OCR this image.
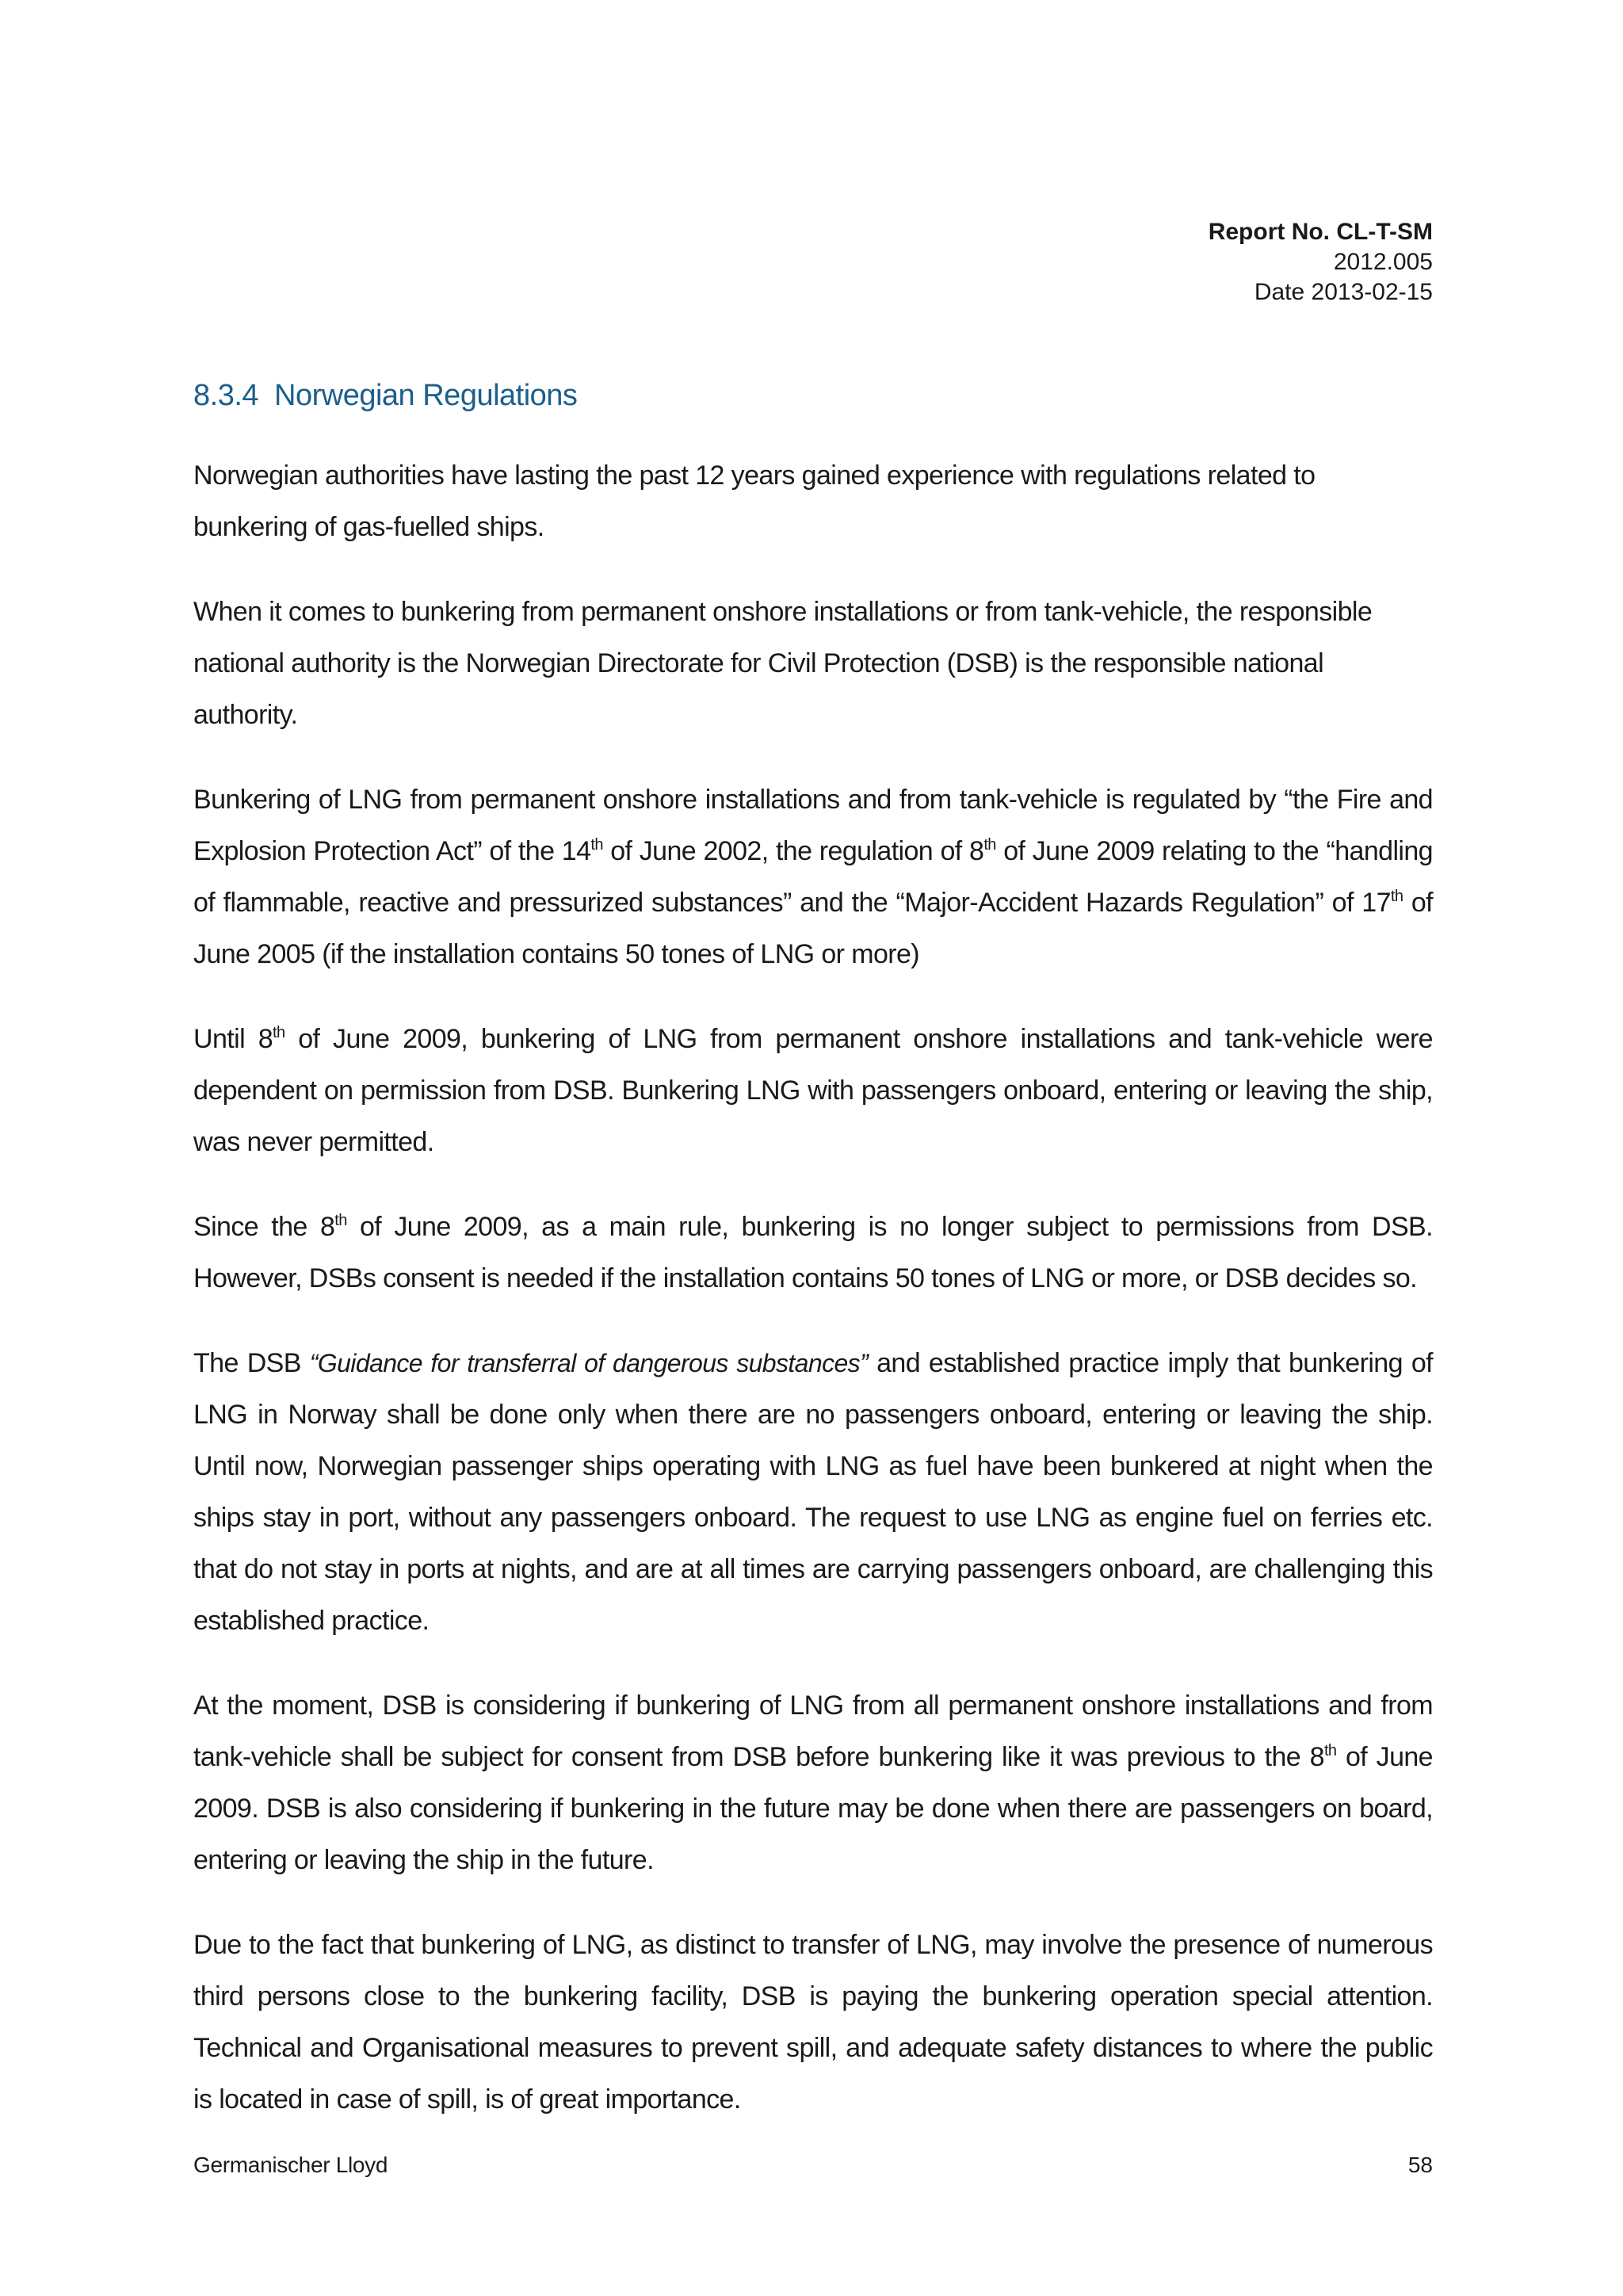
Report No. CL-T-SM
2012.005
Date 2013-02-15
8.3.4 Norwegian Regulations

Norwegian authorities have lasting the past 12 years gained experience with regulations related to bunkering of gas-fuelled ships.

When it comes to bunkering from permanent onshore installations or from tank-vehicle, the responsible national authority is the Norwegian Directorate for Civil Protection (DSB) is the responsible national authority.

Bunkering of LNG from permanent onshore installations and from tank-vehicle is regulated by “the Fire and Explosion Protection Act” of the 14th of June 2002, the regulation of 8th of June 2009 relating to the “handling of flammable, reactive and pressurized substances” and the “Major-Accident Hazards Regulation” of 17th of June 2005 (if the installation contains 50 tones of LNG or more)

Until 8th of June 2009, bunkering of LNG from permanent onshore installations and tank-vehicle were dependent on permission from DSB. Bunkering LNG with passengers onboard, entering or leaving the ship, was never permitted.

Since the 8th of June 2009, as a main rule, bunkering is no longer subject to permissions from DSB. However, DSBs consent is needed if the installation contains 50 tones of LNG or more, or DSB decides so.

The DSB “Guidance for transferral of dangerous substances” and established practice imply that bunkering of LNG in Norway shall be done only when there are no passengers onboard, entering or leaving the ship. Until now, Norwegian passenger ships operating with LNG as fuel have been bunkered at night when the ships stay in port, without any passengers onboard. The request to use LNG as engine fuel on ferries etc. that do not stay in ports at nights, and are at all times are carrying passengers onboard, are challenging this established practice.

At the moment, DSB is considering if bunkering of LNG from all permanent onshore installations and from tank-vehicle shall be subject for consent from DSB before bunkering like it was previous to the 8th of June 2009. DSB is also considering if bunkering in the future may be done when there are passengers on board, entering or leaving the ship in the future.

Due to the fact that bunkering of LNG, as distinct to transfer of LNG, may involve the presence of numerous third persons close to the bunkering facility, DSB is paying the bunkering operation special attention. Technical and Organisational measures to prevent spill, and adequate safety distances to where the public is located in case of spill, is of great importance.

Germanischer Lloyd	58
